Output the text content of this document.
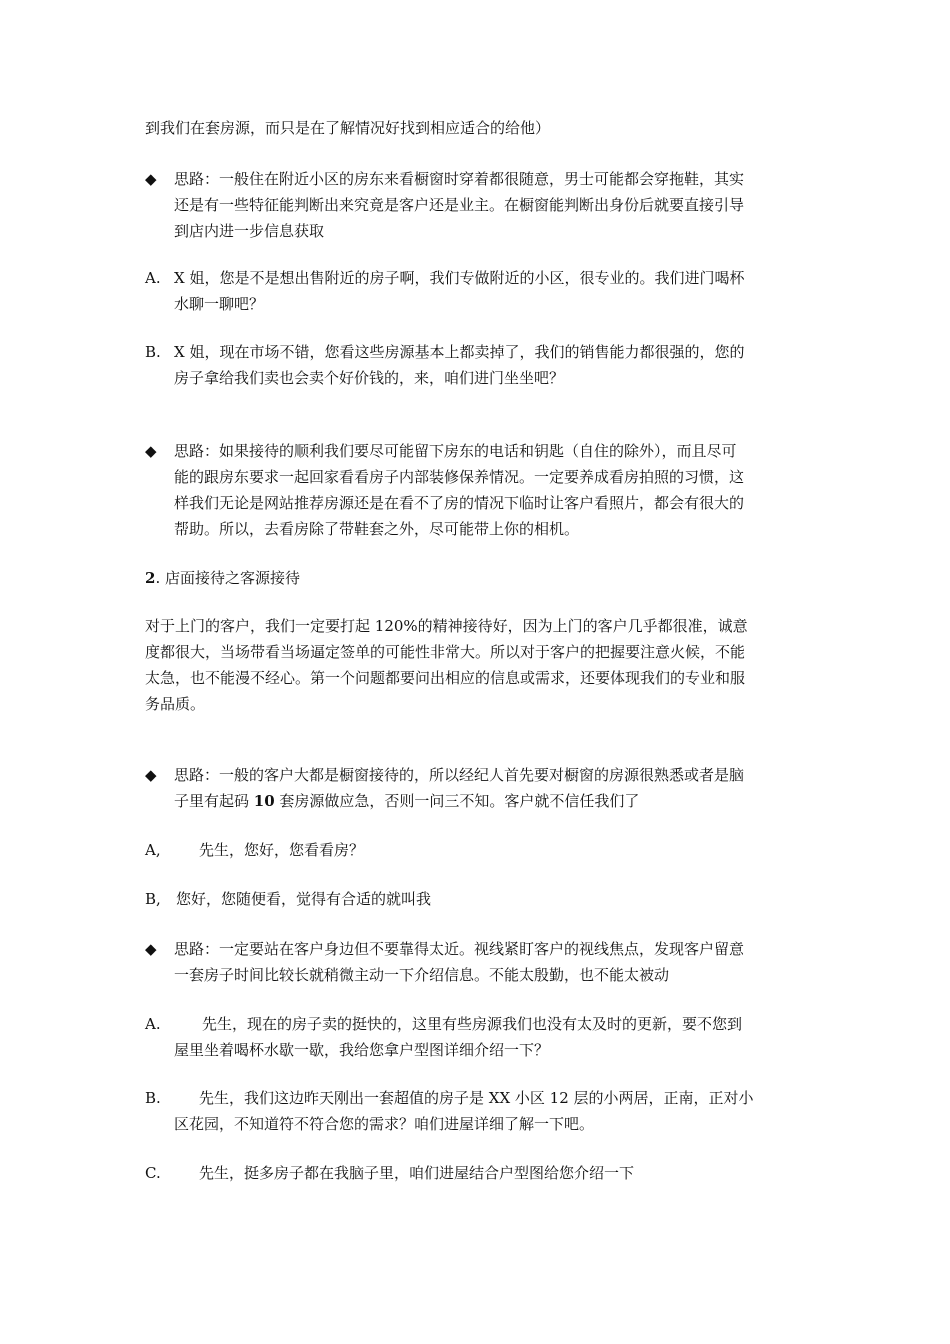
到我们在套房源，而只是在了解情况好找到相应适合的给他）
◆ 思路：一般住在附近小区的房东来看橱窗时穿着都很随意，男士可能都会穿拖鞋，其实
还是有一些特征能判断出来究竟是客户还是业主。在橱窗能判断出身份后就要直接引导
到店内进一步信息获取
A. X 姐，您是不是想出售附近的房子啊，我们专做附近的小区，很专业的。我们进门喝杯
水聊一聊吧？
B. X 姐，现在市场不错，您看这些房源基本上都卖掉了，我们的销售能力都很强的，您的
房子拿给我们卖也会卖个好价钱的，来，咱们进门坐坐吧？
◆ 思路：如果接待的顺利我们要尽可能留下房东的电话和钥匙（自住的除外），而且尽可
能的跟房东要求一起回家看看房子内部装修保养情况。一定要养成看房拍照的习惯，这
样我们无论是网站推荐房源还是在看不了房的情况下临时让客户看照片，都会有很大的
帮助。所以，去看房除了带鞋套之外，尽可能带上你的相机。
2. 店面接待之客源接待
对于上门的客户，我们一定要打起 120%的精神接待好，因为上门的客户几乎都很准，诚意
度都很大，当场带看当场逼定签单的可能性非常大。所以对于客户的把握要注意火候，不能
太急，也不能漫不经心。第一个问题都要问出相应的信息或需求，还要体现我们的专业和服
务品质。
◆ 思路：一般的客户大都是橱窗接待的，所以经纪人首先要对橱窗的房源很熟悉或者是脑
子里有起码 10 套房源做应急，否则一问三不知。客户就不信任我们了
A,	先生，您好，您看看房？
B, 您好，您随便看，觉得有合适的就叫我
◆ 思路：一定要站在客户身边但不要靠得太近。视线紧盯客户的视线焦点，发现客户留意
一套房子时间比较长就稍微主动一下介绍信息。不能太殷勤，也不能太被动
A.	先生，现在的房子卖的挺快的，这里有些房源我们也没有太及时的更新，要不您到
屋里坐着喝杯水歇一歇，我给您拿户型图详细介绍一下？
B.	先生，我们这边昨天刚出一套超值的房子是 XX 小区 12 层的小两居，正南，正对小
区花园，不知道符不符合您的需求？咱们进屋详细了解一下吧。
C.	先生，挺多房子都在我脑子里，咱们进屋结合户型图给您介绍一下
